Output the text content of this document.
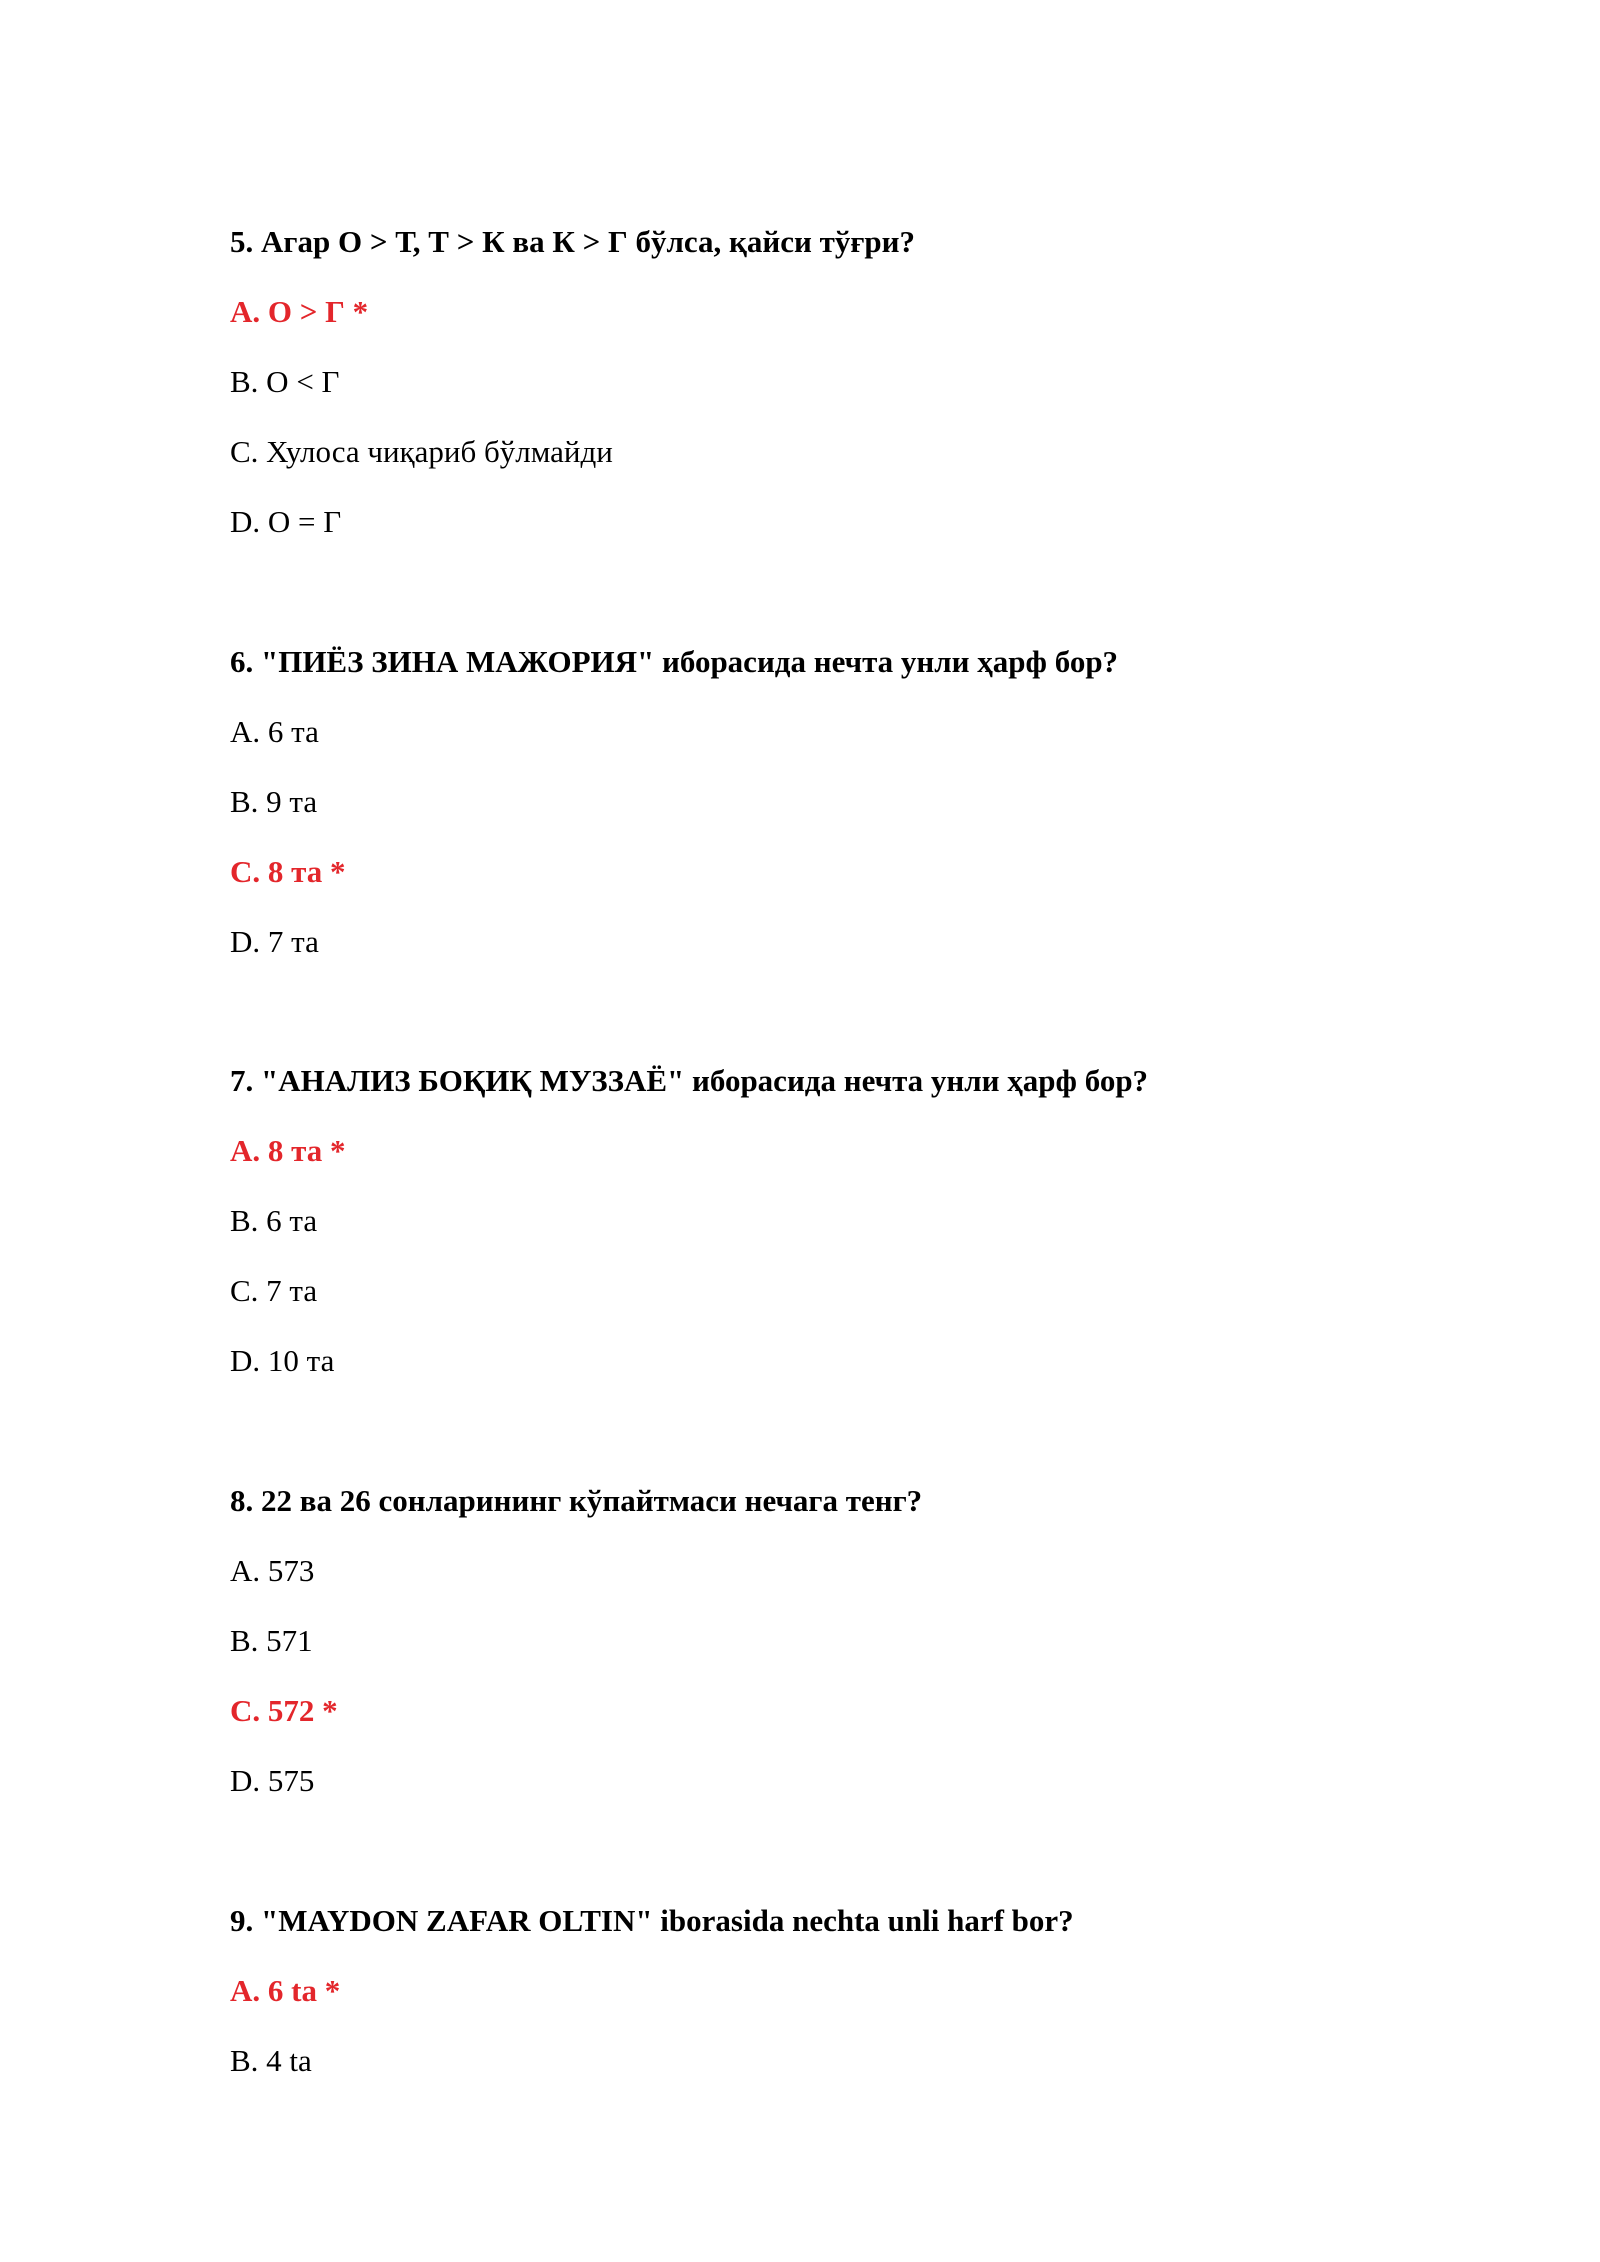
5. Агар О > Т, Т > К ва К > Г бўлса, қайси тўғри?

A. О > Г *

B. О < Г

C. Хулоса чиқариб бўлмайди

D. О = Г

6. "ПИЁЗ ЗИНА МАЖОРИЯ" иборасида нечта унли ҳарф бор?

A. 6 та

B. 9 та

C. 8 та *

D. 7 та

7. "АНАЛИЗ БОҚИҚ МУЗЗАЁ" иборасида нечта унли ҳарф бор?

A. 8 та *

B. 6 та

C. 7 та

D. 10 та

8. 22 ва 26 сонларининг кўпайтмаси нечага тенг?

A. 573

B. 571

C. 572 *

D. 575

9. "MAYDON ZAFAR OLTIN" iborasida nechta unli harf bor?

A. 6 ta *

B. 4 ta
